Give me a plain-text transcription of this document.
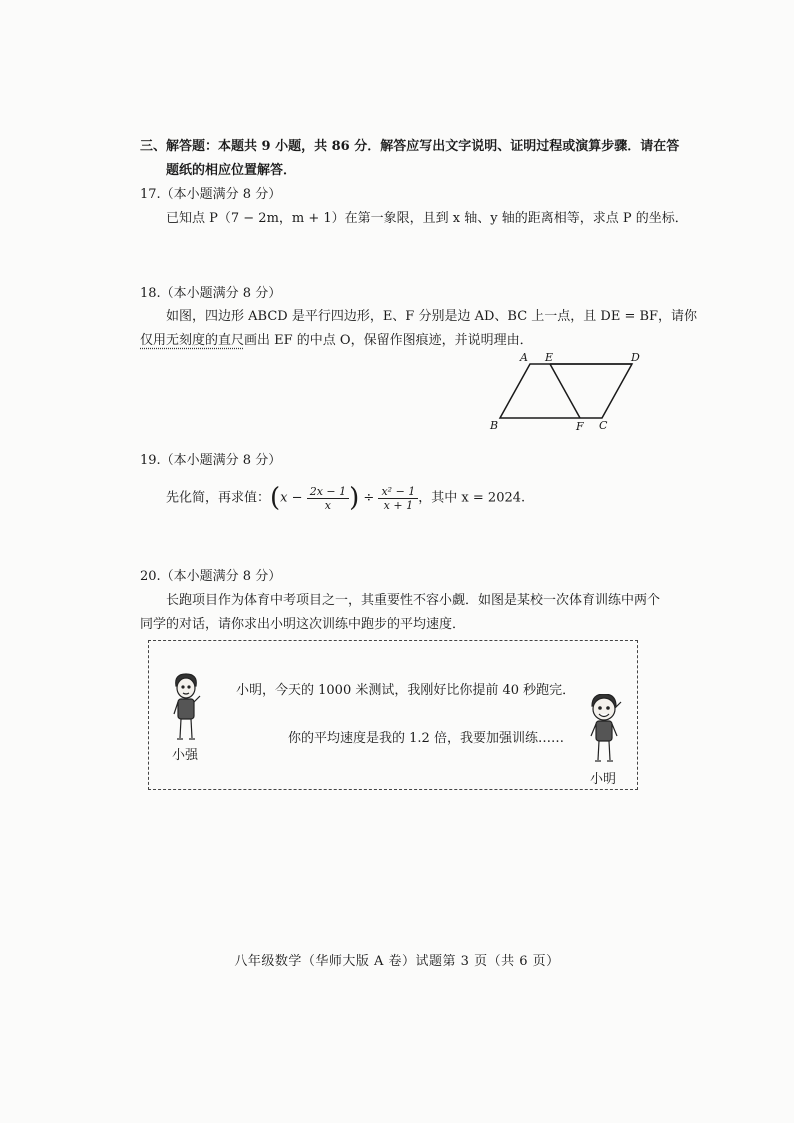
三、解答题：本题共 9 小题，共 86 分．解答应写出文字说明、证明过程或演算步骤．请在答
题纸的相应位置解答．
17.（本小题满分 8 分）
已知点 P（7 − 2m，m + 1）在第一象限，且到 x 轴、y 轴的距离相等，求点 P 的坐标．
18.（本小题满分 8 分）
如图，四边形 ABCD 是平行四边形，E、F 分别是边 AD、BC 上一点，且 DE = BF，请你
仅用无刻度的直尺画出 EF 的中点 O，保留作图痕迹，并说明理由．
A E	D
B	F C
19.（本小题满分 8 分）
先化简，再求值：($x - \frac{2x - 1}{x}$ ) ÷ $\frac{\text{x² − 1}}{x + 1}$ ，其中 x = 2024.
20.（本小题满分 8 分）
长跑项目作为体育中考项目之一，其重要性不容小觑．如图是某校一次体育训练中两个
同学的对话，请你求出小明这次训练中跑步的平均速度．
小强
小明，今天的 1000 米测试，我刚好比你提前 40 秒跑完．
你的平均速度是我的 1.2 倍，我要加强训练……
小明
八年级数学（华师大版 A 卷）试题第 3 页（共 6 页）
